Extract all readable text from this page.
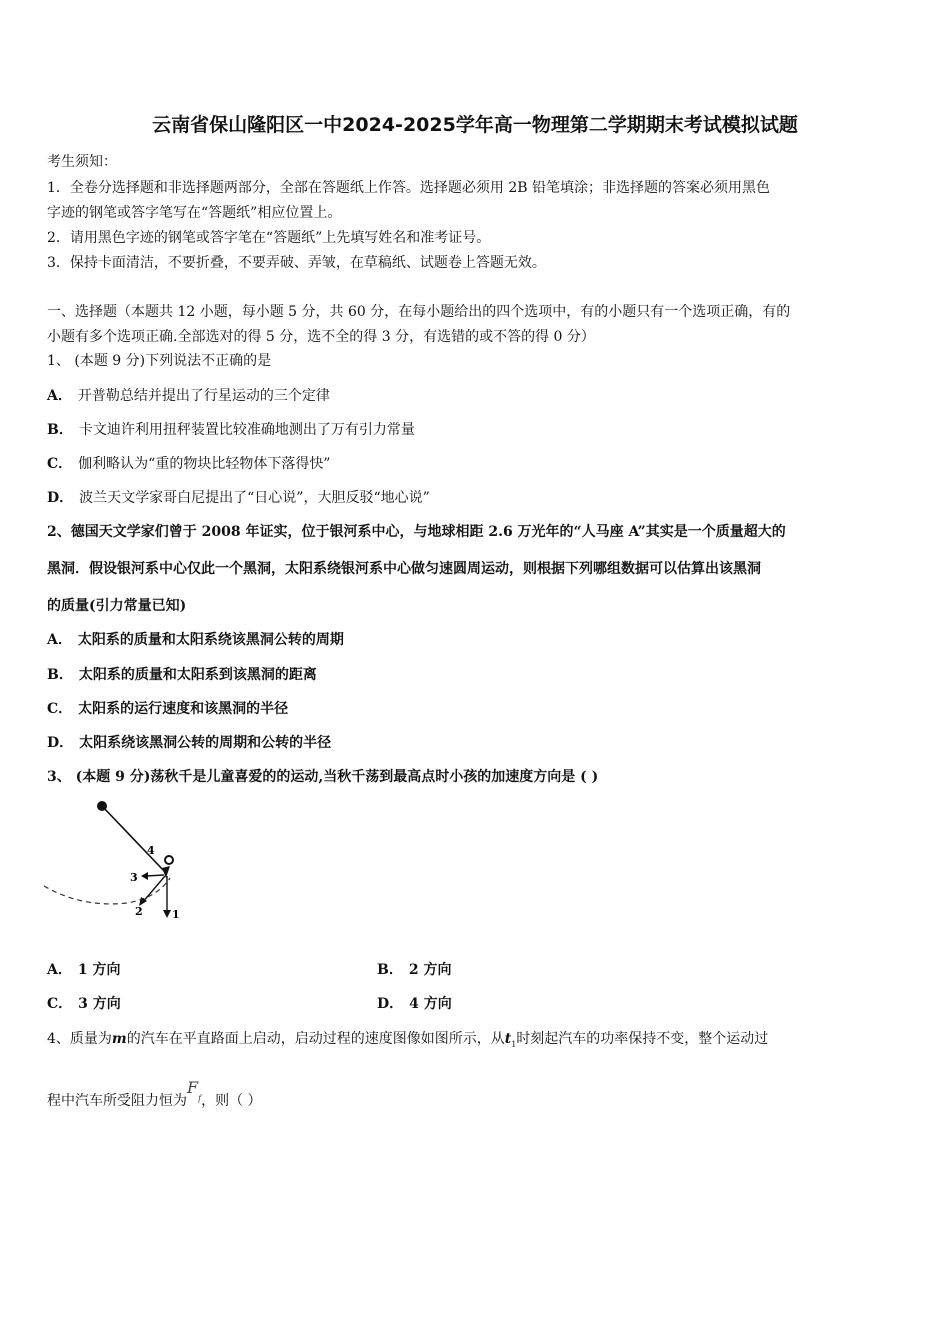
云南省保山隆阳区一中2024-2025学年高一物理第二学期期末考试模拟试题
考生须知：
1．全卷分选择题和非选择题两部分，全部在答题纸上作答。选择题必须用 2B 铅笔填涂；非选择题的答案必须用黑色
字迹的钢笔或答字笔写在“答题纸”相应位置上。
2．请用黑色字迹的钢笔或答字笔在“答题纸”上先填写姓名和准考证号。
3．保持卡面清洁，不要折叠，不要弄破、弄皱，在草稿纸、试题卷上答题无效。
一、选择题（本题共 12 小题，每小题 5 分，共 60 分，在每小题给出的四个选项中，有的小题只有一个选项正确，有的
小题有多个选项正确.全部选对的得 5 分，选不全的得 3 分，有选错的或不答的得 0 分）
1、 (本题 9 分)下列说法不正确的是
A． 开普勒总结并提出了行星运动的三个定律
B． 卡文迪许利用扭秤装置比较准确地测出了万有引力常量
C． 伽利略认为“重的物块比轻物体下落得快”
D． 波兰天文学家哥白尼提出了“日心说”，大胆反驳“地心说”
2、德国天文学家们曾于 2008 年证实，位于银河系中心，与地球相距 2.6 万光年的“人马座 A”其实是一个质量超大的
黑洞．假设银河系中心仅此一个黑洞，太阳系绕银河系中心做匀速圆周运动，则根据下列哪组数据可以估算出该黑洞
的质量(引力常量已知)
A． 太阳系的质量和太阳系绕该黑洞公转的周期
B． 太阳系的质量和太阳系到该黑洞的距离
C． 太阳系的运行速度和该黑洞的半径
D． 太阳系绕该黑洞公转的周期和公转的半径
3、 (本题 9 分)荡秋千是儿童喜爱的的运动,当秋千荡到最高点时小孩的加速度方向是 ( )
1
2
3
4
A． 1 方向	B． 2 方向
C． 3 方向	D． 4 方向
4、质量为m的汽车在平直路面上启动，启动过程的速度图像如图所示，从$t_1$时刻起汽车的功率保持不变，整个运动过
程中汽车所受阻力恒为$F_f$，则（ ）
